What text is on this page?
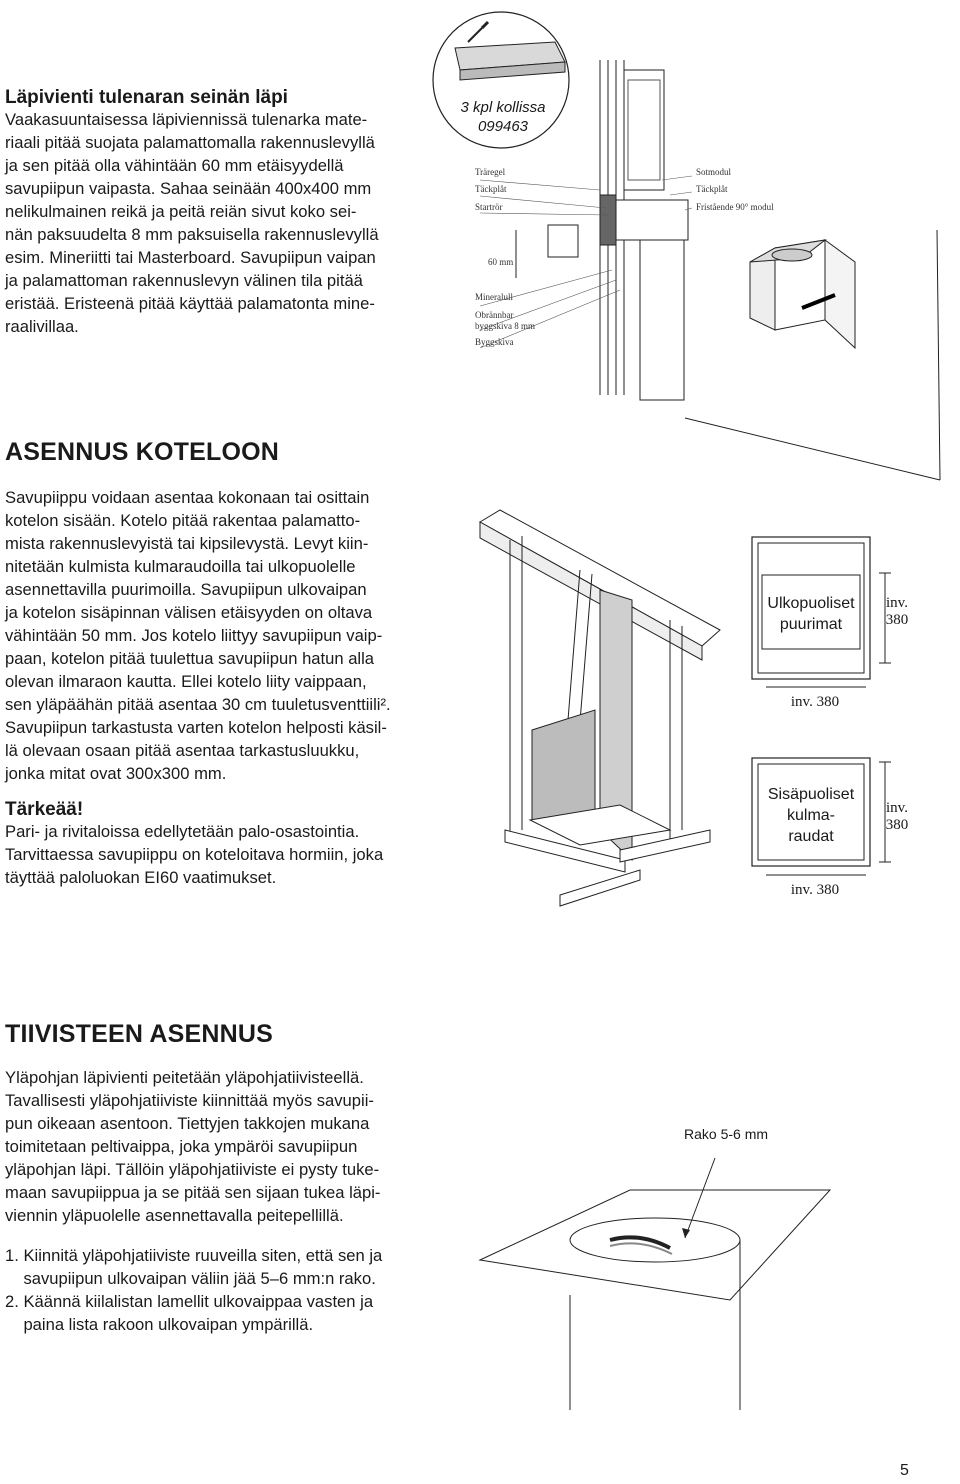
Läpivienti tulenaran seinän läpi
Vaakasuuntaisessa läpiviennissä tulenarka mate-
riaali pitää suojata palamattomalla rakennuslevyllä
ja sen pitää olla vähintään 60 mm etäisyydellä
savupiipun vaipasta. Sahaa seinään 400x400 mm
nelikulmainen reikä ja peitä reiän sivut koko sei-
nän paksuudelta 8 mm paksuisella rakennuslevyllä
esim. Mineriitti tai Masterboard. Savupiipun vaipan
ja palamattoman rakennuslevyn välinen tila pitää
eristää. Eristeenä pitää käyttää palamatonta mine-
raalivillaa.
3 kpl kollissa
099463
Träregel
Täckplåt
Startrör
60 mm
Mineralull
Obrännbar
byggskiva 8 mm
Byggskiva
Sotmodul
Täckplåt
Fristående 90° modul
ASENNUS KOTELOON
Savupiippu voidaan asentaa kokonaan tai osittain
kotelon sisään. Kotelo pitää rakentaa palamatto-
mista rakennuslevyistä tai kipsilevystä. Levyt kiin-
nitetään kulmista kulmaraudoilla tai ulkopuolelle
asennettavilla puurimoilla. Savupiipun ulkovaipan
ja kotelon sisäpinnan välisen etäisyyden on oltava
vähintään 50 mm. Jos kotelo liittyy savupiipun vaip-
paan, kotelon pitää tuulettua savupiipun hatun alla
olevan ilmaraon kautta. Ellei kotelo liity vaippaan,
sen yläpäähän pitää asentaa 30 cm tuuletusventtiili².
Savupiipun tarkastusta varten kotelon helposti käsil-
lä olevaan osaan pitää asentaa tarkastusluukku,
jonka mitat ovat 300x300 mm.
Tärkeää!
Pari- ja rivitaloissa edellytetään palo-osastointia.
Tarvittaessa savupiippu on koteloitava hormiin, joka
täyttää paloluokan EI60 vaatimukset.
Ulkopuoliset
puurimat
inv.
380
inv. 380
Sisäpuoliset
kulma-
raudat
inv.
380
inv. 380
TIIVISTEEN ASENNUS
Yläpohjan läpivienti peitetään yläpohjatiivisteellä.
Tavallisesti yläpohjatiiviste kiinnittää myös savupii-
pun oikeaan asentoon. Tiettyjen takkojen mukana
toimitetaan peltivaippa, joka ympäröi savupiipun
yläpohjan läpi. Tällöin yläpohjatiiviste ei pysty tuke-
maan savupiippua ja se pitää sen sijaan tukea läpi-
viennin yläpuolelle asennettavalla peitepellillä.
1. Kiinnitä yläpohjatiiviste ruuveilla siten, että sen ja
savupiipun ulkovaipan väliin jää 5–6 mm:n rako.
2. Käännä kiilalistan lamellit ulkovaippaa vasten ja
paina lista rakoon ulkovaipan ympärillä.
Rako 5-6 mm
5
